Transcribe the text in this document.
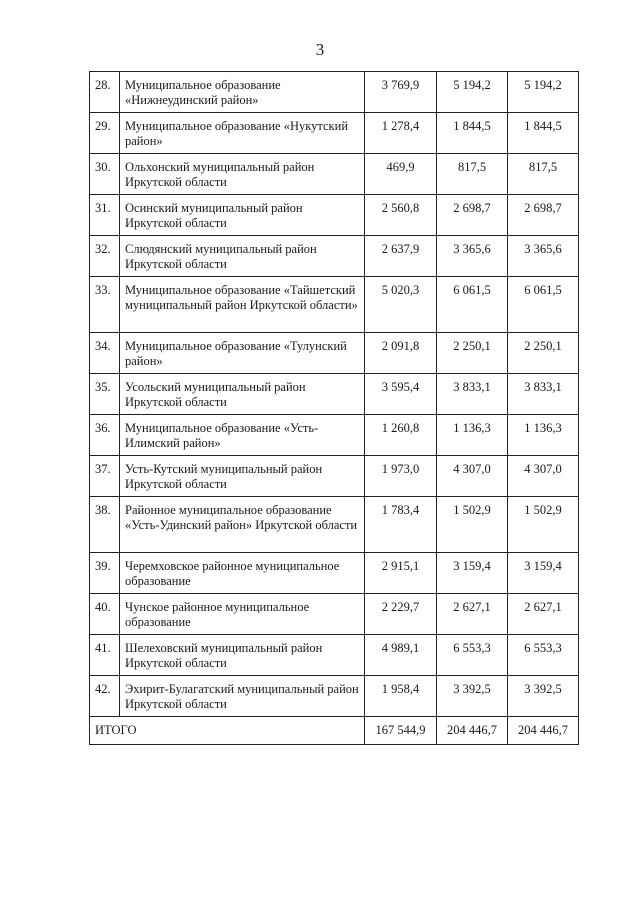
3
28.	Муниципальное образование «Нижнеудинский район»	3 769,9	5 194,2	5 194,2
29.	Муниципальное образование «Нукутский район»	1 278,4	1 844,5	1 844,5
30.	Ольхонский муниципальный район Иркутской области	469,9	817,5	817,5
31.	Осинский муниципальный район Иркутской области	2 560,8	2 698,7	2 698,7
32.	Слюдянский муниципальный район Иркутской области	2 637,9	3 365,6	3 365,6
33.	Муниципальное образование «Тайшетский муниципальный район Иркутской области»	5 020,3	6 061,5	6 061,5
34.	Муниципальное образование «Тулунский район»	2 091,8	2 250,1	2 250,1
35.	Усольский муниципальный район Иркутской области	3 595,4	3 833,1	3 833,1
36.	Муниципальное образование «Усть-Илимский район»	1 260,8	1 136,3	1 136,3
37.	Усть-Кутский муниципальный район Иркутской области	1 973,0	4 307,0	4 307,0
38.	Районное муниципальное образование «Усть-Удинский район» Иркутской области	1 783,4	1 502,9	1 502,9
39.	Черемховское районное муниципальное образование	2 915,1	3 159,4	3 159,4
40.	Чунское районное муниципальное образование	2 229,7	2 627,1	2 627,1
41.	Шелеховский муниципальный район Иркутской области	4 989,1	6 553,3	6 553,3
42.	Эхирит-Булагатский муниципальный район Иркутской области	1 958,4	3 392,5	3 392,5
ИТОГО		167 544,9	204 446,7	204 446,7
